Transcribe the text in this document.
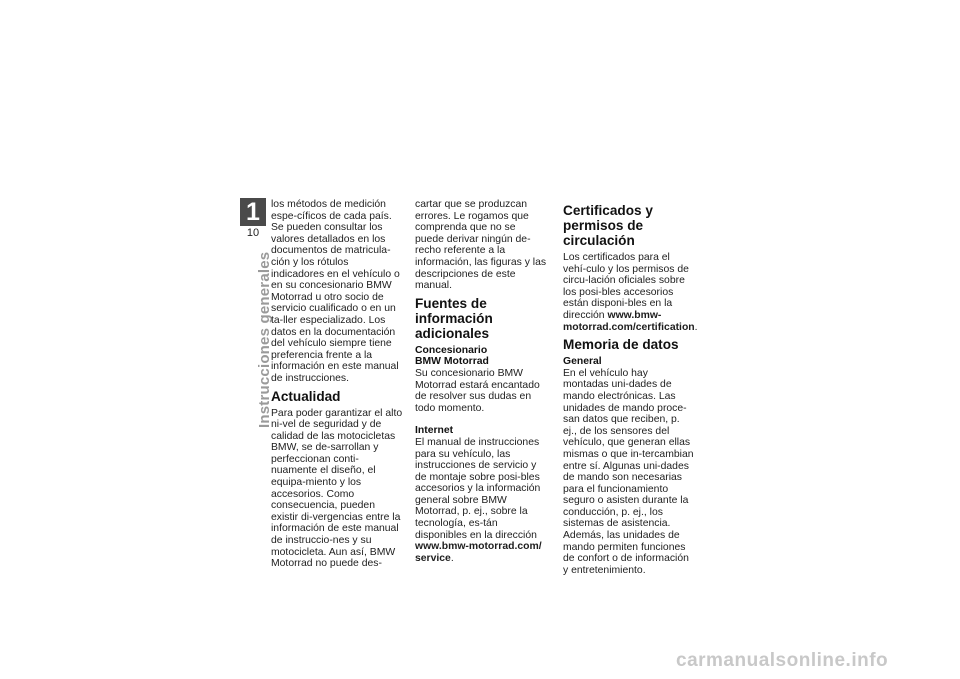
1
10
Instrucciones generales

los métodos de medición espe-cíficos de cada país. Se pueden consultar los valores detallados en los documentos de matricula-ción y los rótulos indicadores en el vehículo o en su concesionario BMW Motorrad u otro socio de servicio cualificado o en un ta-ller especializado. Los datos en la documentación del vehículo siempre tiene preferencia frente a la información en este manual de instrucciones.

Actualidad

Para poder garantizar el alto ni-vel de seguridad y de calidad de las motocicletas BMW, se de-sarrollan y perfeccionan conti-nuamente el diseño, el equipa-miento y los accesorios. Como consecuencia, pueden existir di-vergencias entre la información de este manual de instruccio-nes y su motocicleta. Aun así, BMW Motorrad no puede des-

cartar que se produzcan errores. Le rogamos que comprenda que no se puede derivar ningún de-recho referente a la información, las figuras y las descripciones de este manual.

Fuentes de información adicionales
Concesionario
BMW Motorrad

Su concesionario BMW Motorrad estará encantado de resolver sus dudas en todo momento.

Internet

El manual de instrucciones para su vehículo, las instrucciones de servicio y de montaje sobre posi-bles accesorios y la información general sobre BMW Motorrad, p. ej., sobre la tecnología, es-tán disponibles en la dirección www.bmw-motorrad.com/ service.

Certificados y permisos de circulación

Los certificados para el vehí-culo y los permisos de circu-lación oficiales sobre los posi-bles accesorios están disponi-bles en la dirección www.bmw-motorrad.com/certification.

Memoria de datos
General

En el vehículo hay montadas uni-dades de mando electrónicas. Las unidades de mando proce-san datos que reciben, p. ej., de los sensores del vehículo, que generan ellas mismas o que in-tercambian entre sí. Algunas uni-dades de mando son necesarias para el funcionamiento seguro o asisten durante la conducción, p. ej., los sistemas de asistencia. Además, las unidades de mando permiten funciones de confort o de información y entretenimiento.

carmanualsonline.info
